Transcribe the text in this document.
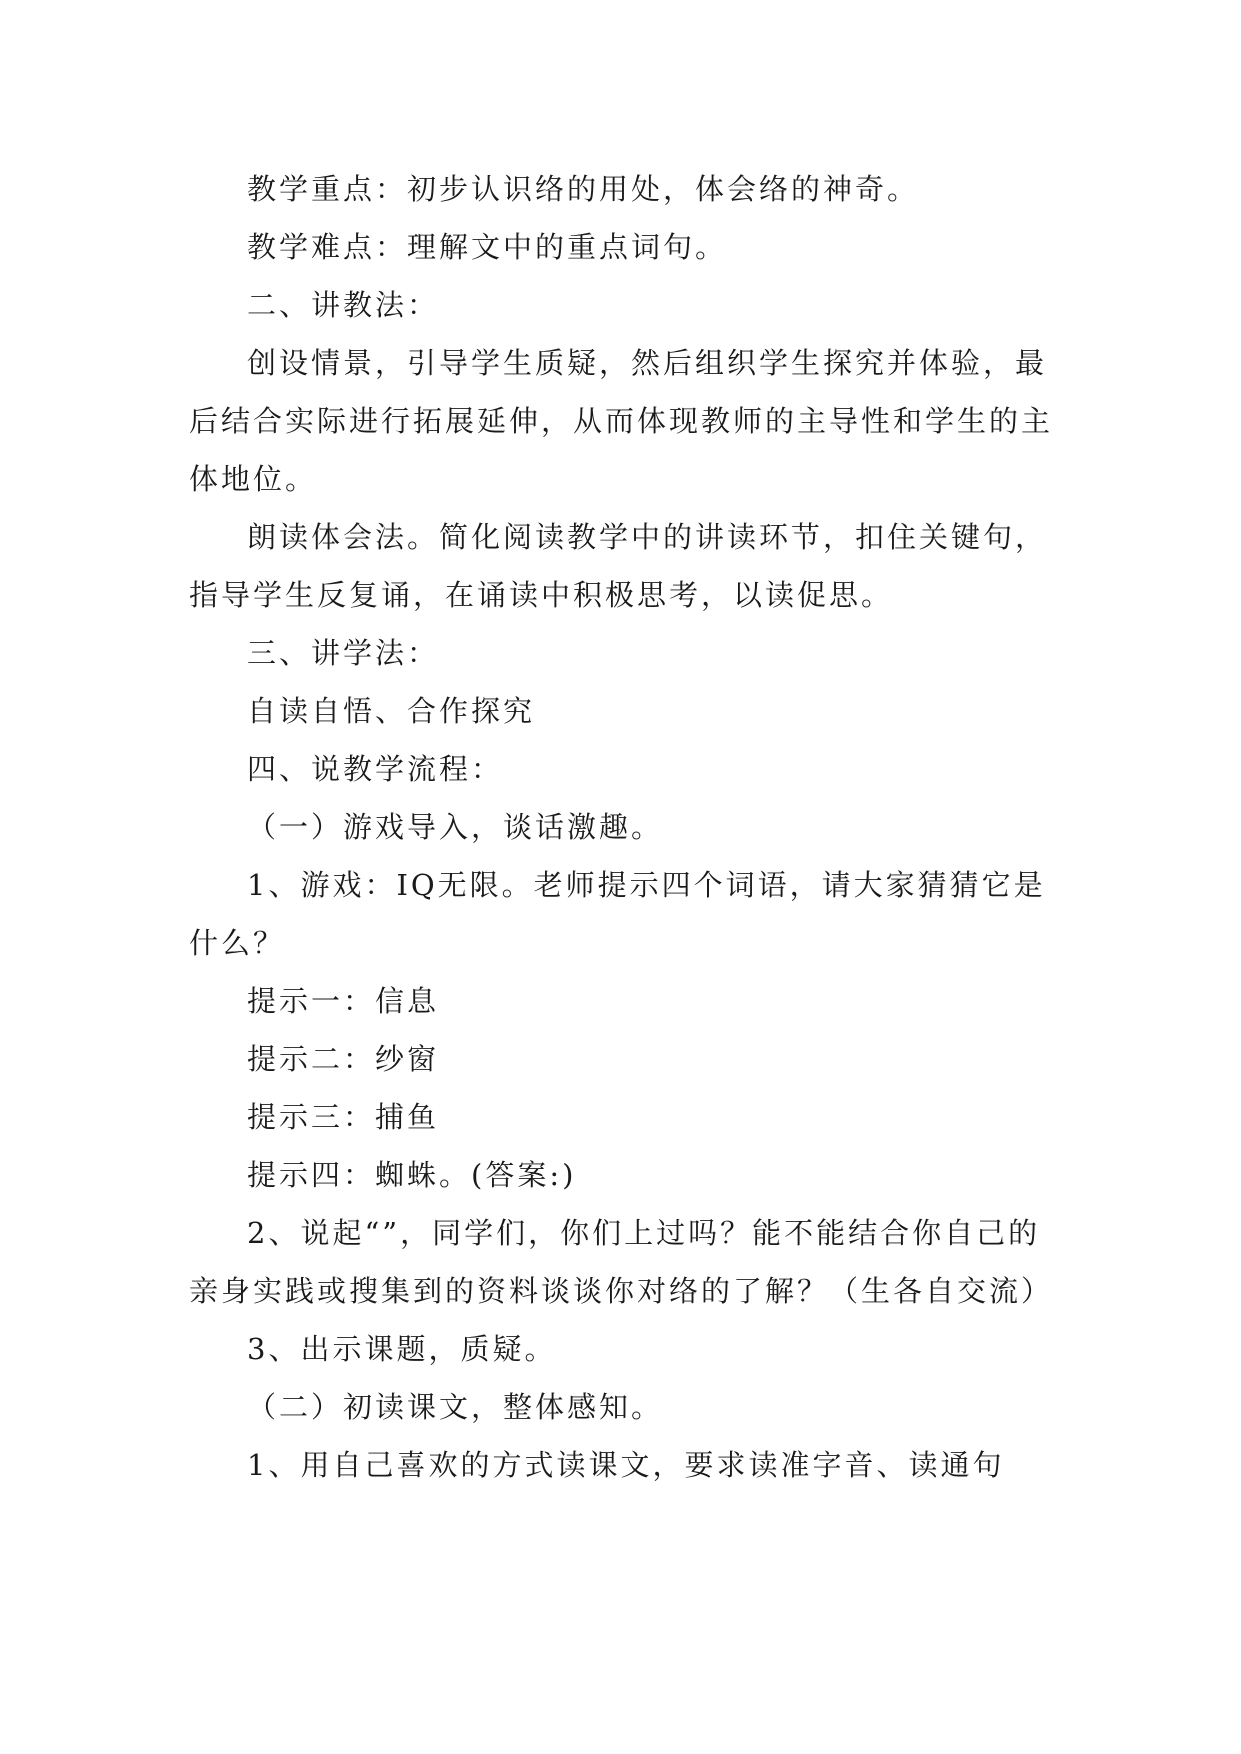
教学重点：初步认识络的用处，体会络的神奇。

教学难点：理解文中的重点词句。

二、讲教法：

创设情景，引导学生质疑，然后组织学生探究并体验，最后结合实际进行拓展延伸，从而体现教师的主导性和学生的主体地位。

朗读体会法。简化阅读教学中的讲读环节，扣住关键句，指导学生反复诵，在诵读中积极思考，以读促思。

三、讲学法：

自读自悟、合作探究

四、说教学流程：

（一）游戏导入，谈话激趣。

1、游戏：IQ无限。老师提示四个词语，请大家猜猜它是什么？

提示一：信息

提示二：纱窗

提示三：捕鱼

提示四：蜘蛛。(答案:)

2、说起“”，同学们，你们上过吗？能不能结合你自己的亲身实践或搜集到的资料谈谈你对络的了解？（生各自交流）

3、出示课题，质疑。

（二）初读课文，整体感知。

1、用自己喜欢的方式读课文，要求读准字音、读通句
